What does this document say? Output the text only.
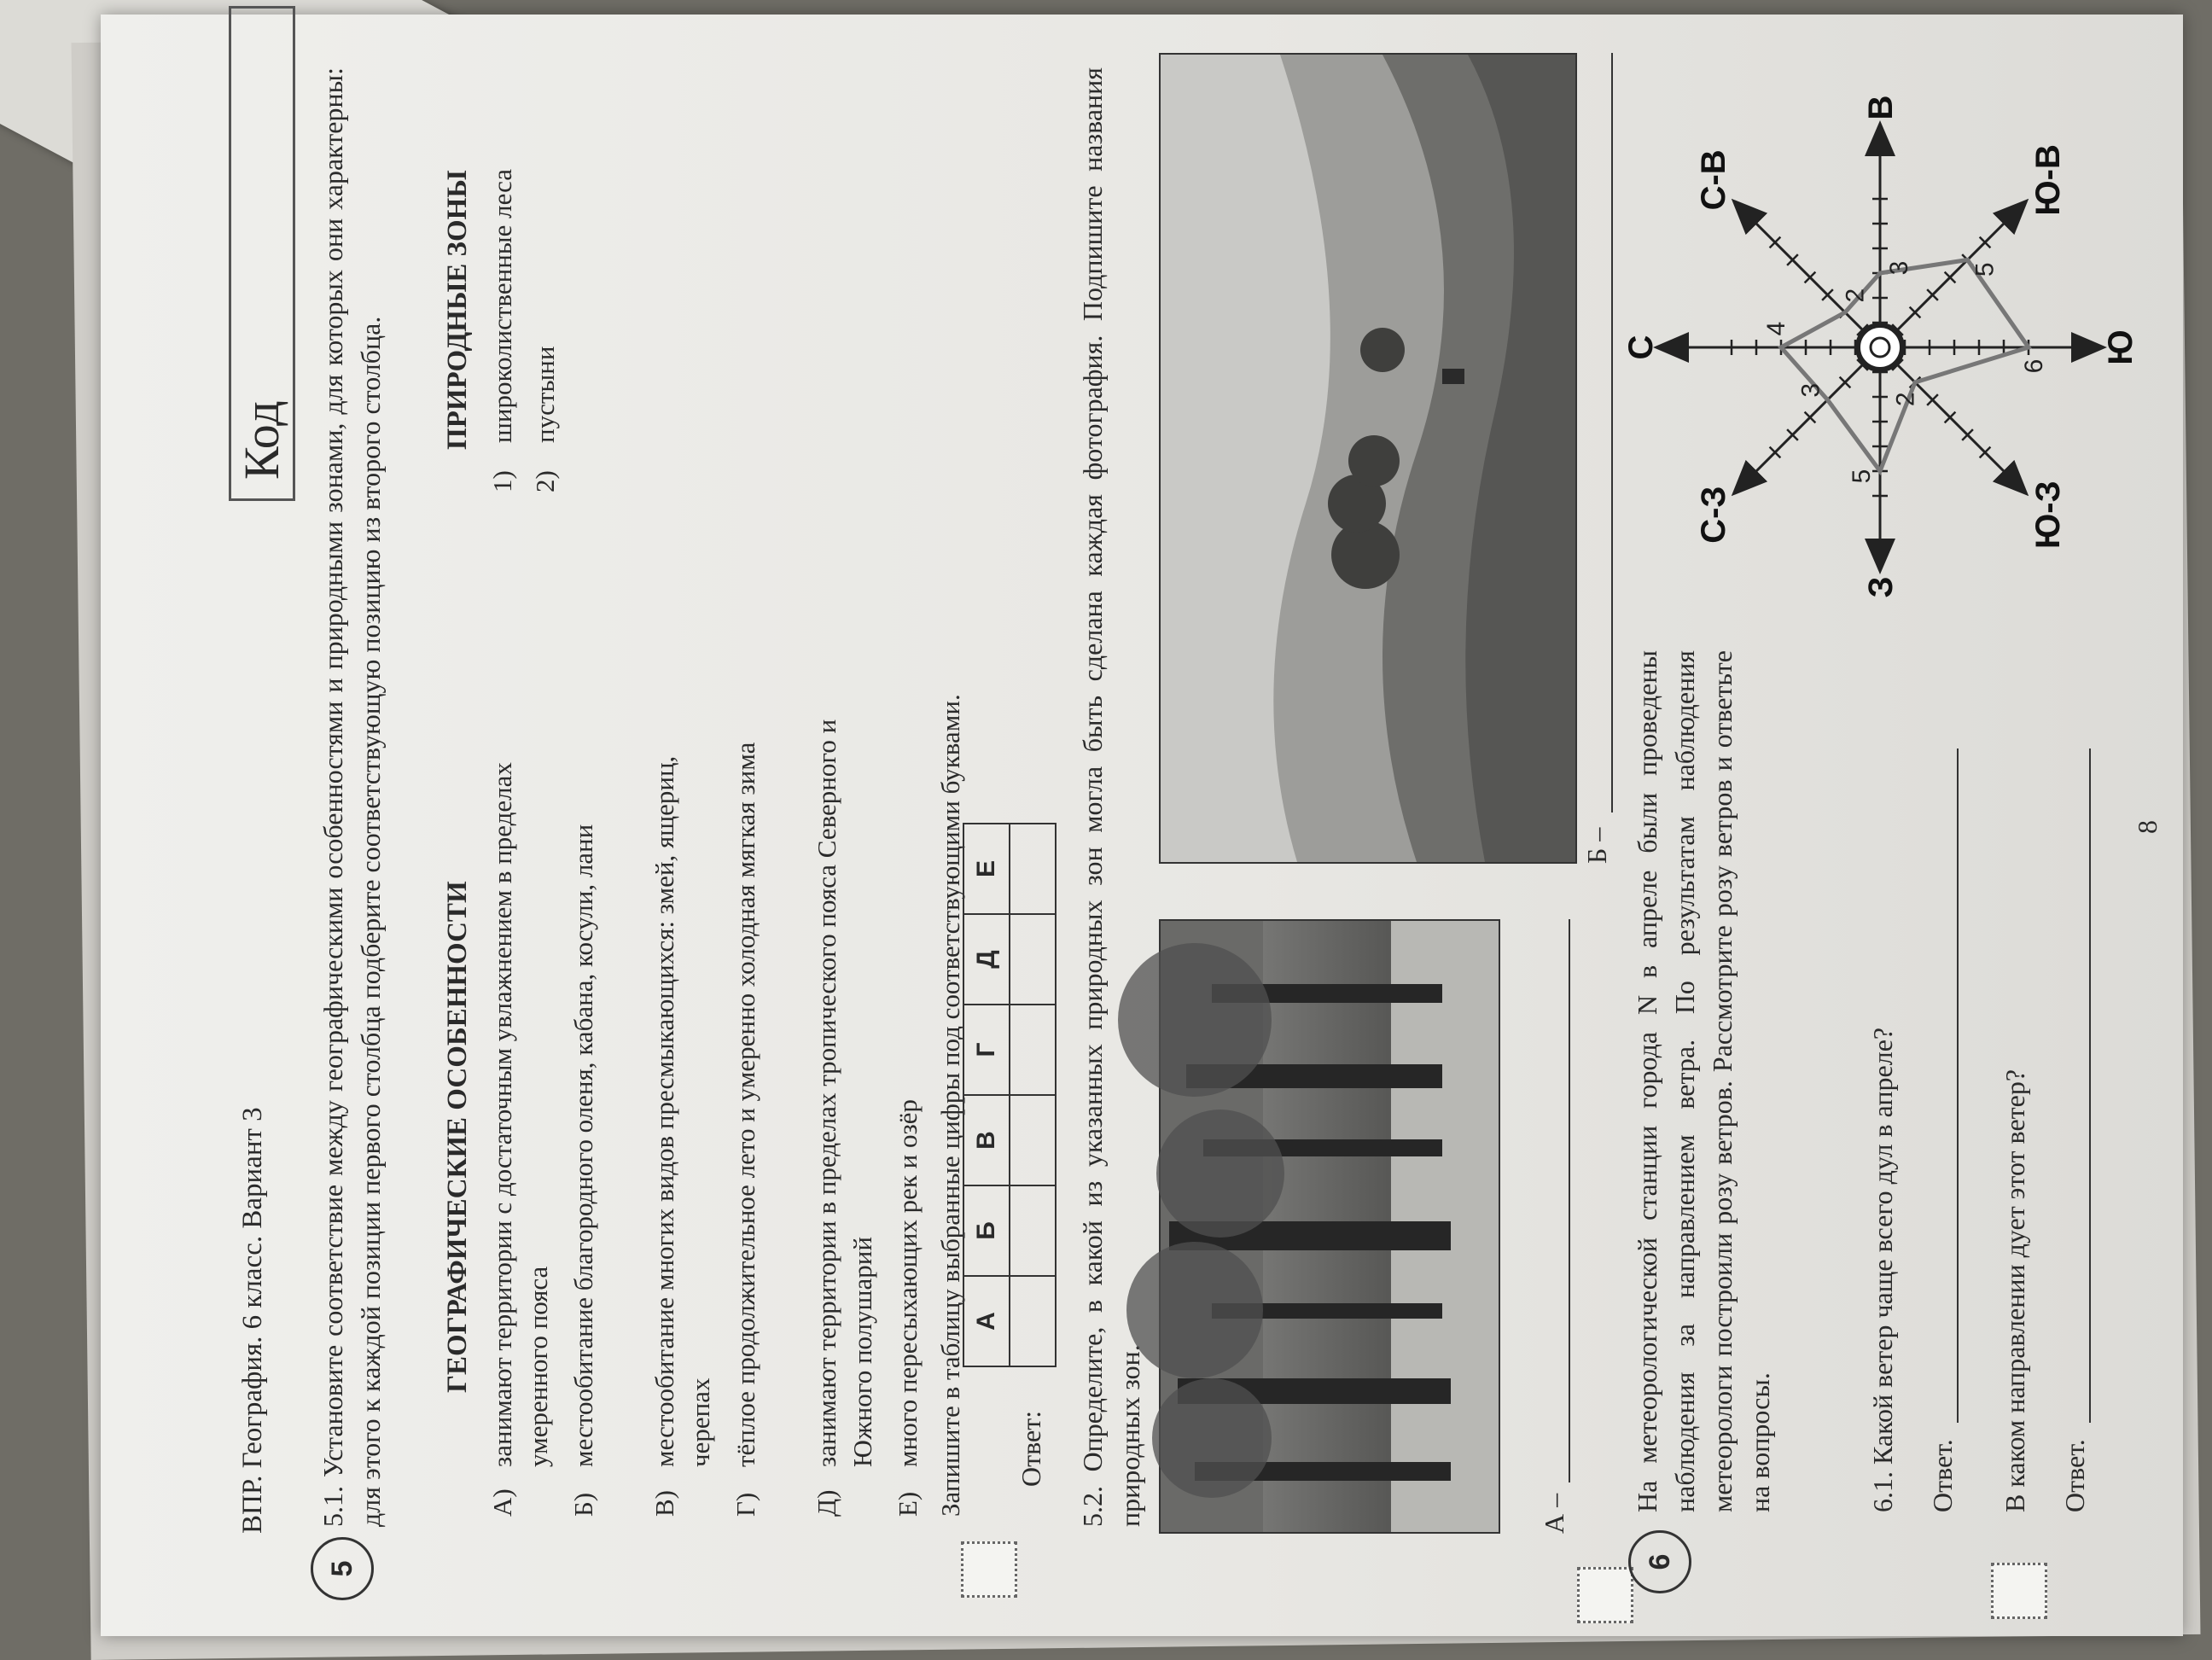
ВПР. География. 6 класс. Вариант 3
Код
5
5.1. Установите соответствие между географическими особенностями и природными зонами, для которых они характерны: для этого к каждой позиции первого столбца подберите соответствующую позицию из второго столбца. ГЕОГРАФИЧЕСКИЕ ОСОБЕННОСТИ
ПРИРОДНЫЕ ЗОНЫ
А)
занимают территории с достаточным увлажнением в пределах умеренного пояса
Б)
местообитание благородного оленя, кабана, косули, лани
В)
местообитание многих видов пресмыкающихся: змей, ящериц, черепах
Г)
тёплое продолжительное лето и умеренно холодная мягкая зима
Д)
занимают территории в пределах тропического пояса Северного и Южного полушарий
Е)
много пересыхающих рек и озёр
1)
широколиственные леса
2)
пустыни
Запишите в таблицу выбранные цифры под соответствующими буквами. Ответ:
А	Б	В	Г	Д	Е
						5.2. Определите, в какой из указанных природных зон могла быть сделана каждая фотография. Подпишите названия природных зон.	А –
Б –
6
На метеорологической станции города N в апреле были проведены наблюдения за направлением ветра. По результатам наблюдения метеорологи построили розу ветров. Рассмотрите розу ветров и ответьте на вопросы.	6.1. Какой ветер чаще всего дул в апреле? Ответ. В каком направлении дует этот ветер? Ответ.
С
С-В
В
Ю-В
Ю
Ю-З
З
С-З
4
2
3 5
6
2
5
3
8
